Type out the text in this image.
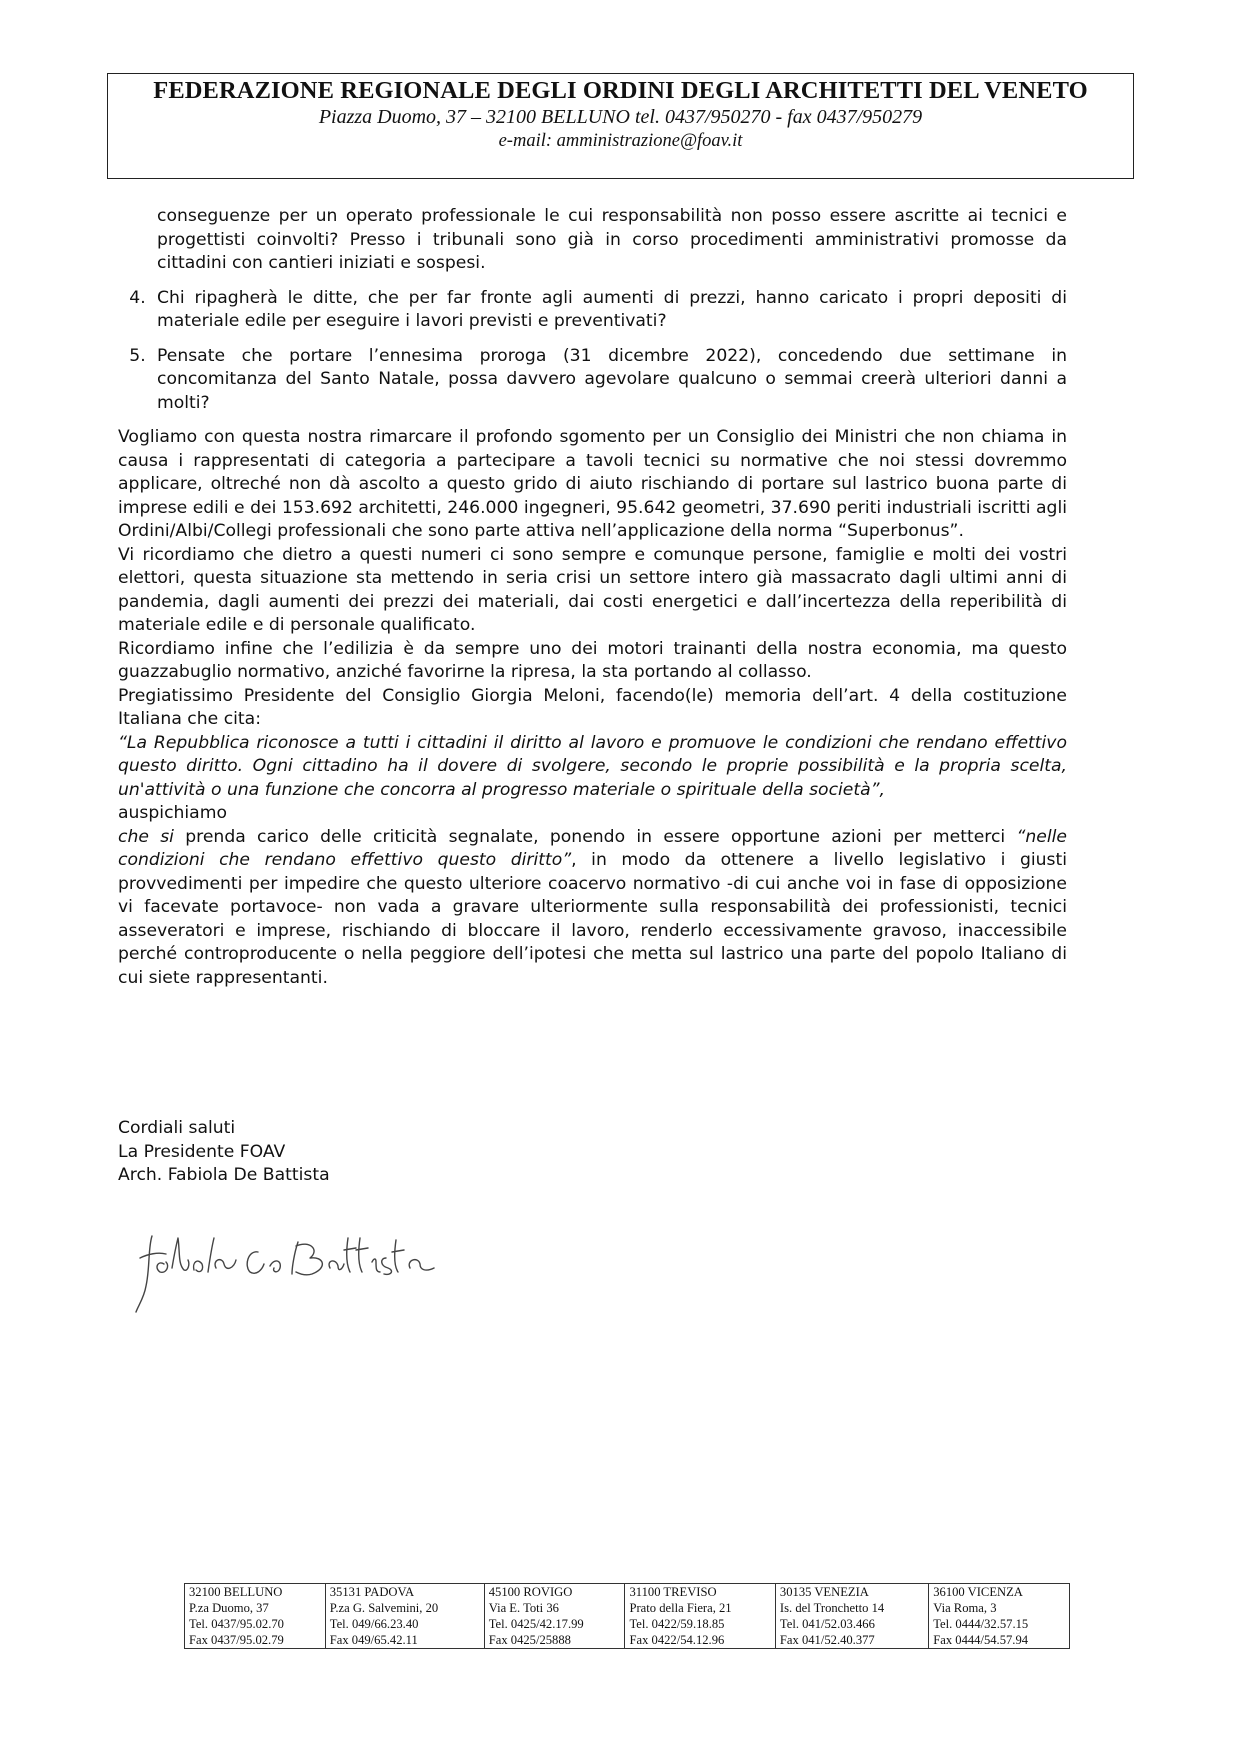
FEDERAZIONE REGIONALE DEGLI ORDINI DEGLI ARCHITETTI DEL VENETO
Piazza Duomo, 37 – 32100 BELLUNO tel. 0437/950270 - fax 0437/950279
e-mail: amministrazione@foav.it

conseguenze per un operato professionale le cui responsabilità non posso essere ascritte ai tecnici e progettisti coinvolti? Presso i tribunali sono già in corso procedimenti amministrativi promosse da cittadini con cantieri iniziati e sospesi.

4. Chi ripagherà le ditte, che per far fronte agli aumenti di prezzi, hanno caricato i propri depositi di materiale edile per eseguire i lavori previsti e preventivati?
5. Pensate che portare l’ennesima proroga (31 dicembre 2022), concedendo due settimane in concomitanza del Santo Natale, possa davvero agevolare qualcuno o semmai creerà ulteriori danni a molti?

Vogliamo con questa nostra rimarcare il profondo sgomento per un Consiglio dei Ministri che non chiama in causa i rappresentati di categoria a partecipare a tavoli tecnici su normative che noi stessi dovremmo applicare, oltreché non dà ascolto a questo grido di aiuto rischiando di portare sul lastrico buona parte di imprese edili e dei 153.692 architetti, 246.000 ingegneri, 95.642 geometri, 37.690 periti industriali iscritti agli Ordini/Albi/Collegi professionali che sono parte attiva nell’applicazione della norma “Superbonus”.

Vi ricordiamo che dietro a questi numeri ci sono sempre e comunque persone, famiglie e molti dei vostri elettori, questa situazione sta mettendo in seria crisi un settore intero già massacrato dagli ultimi anni di pandemia, dagli aumenti dei prezzi dei materiali, dai costi energetici e dall’incertezza della reperibilità di materiale edile e di personale qualificato.

Ricordiamo infine che l’edilizia è da sempre uno dei motori trainanti della nostra economia, ma questo guazzabuglio normativo, anziché favorirne la ripresa, la sta portando al collasso.

Pregiatissimo Presidente del Consiglio Giorgia Meloni, facendo(le) memoria dell’art. 4 della costituzione Italiana che cita:

“La Repubblica riconosce a tutti i cittadini il diritto al lavoro e promuove le condizioni che rendano effettivo questo diritto. Ogni cittadino ha il dovere di svolgere, secondo le proprie possibilità e la propria scelta, un'attività o una funzione che concorra al progresso materiale o spirituale della società”,

auspichiamo

che si prenda carico delle criticità segnalate, ponendo in essere opportune azioni per metterci “nelle condizioni che rendano effettivo questo diritto”, in modo da ottenere a livello legislativo i giusti provvedimenti per impedire che questo ulteriore coacervo normativo -di cui anche voi in fase di opposizione vi facevate portavoce- non vada a gravare ulteriormente sulla responsabilità dei professionisti, tecnici asseveratori e imprese, rischiando di bloccare il lavoro, renderlo eccessivamente gravoso, inaccessibile perché controproducente o nella peggiore dell’ipotesi che metta sul lastrico una parte del popolo Italiano di cui siete rappresentanti.

Cordiali saluti
La Presidente FOAV
Arch. Fabiola De Battista
32100 BELLUNO
P.za Duomo, 37
Tel. 0437/95.02.70
Fax 0437/95.02.79

35131 PADOVA
P.za G. Salvemini, 20
Tel. 049/66.23.40
Fax 049/65.42.11

45100 ROVIGO
Via E. Toti 36
Tel. 0425/42.17.99
Fax 0425/25888

31100 TREVISO
Prato della Fiera, 21
Tel. 0422/59.18.85
Fax 0422/54.12.96

30135 VENEZIA
Is. del Tronchetto 14
Tel. 041/52.03.466
Fax 041/52.40.377

36100 VICENZA
Via Roma, 3
Tel. 0444/32.57.15
Fax 0444/54.57.94
